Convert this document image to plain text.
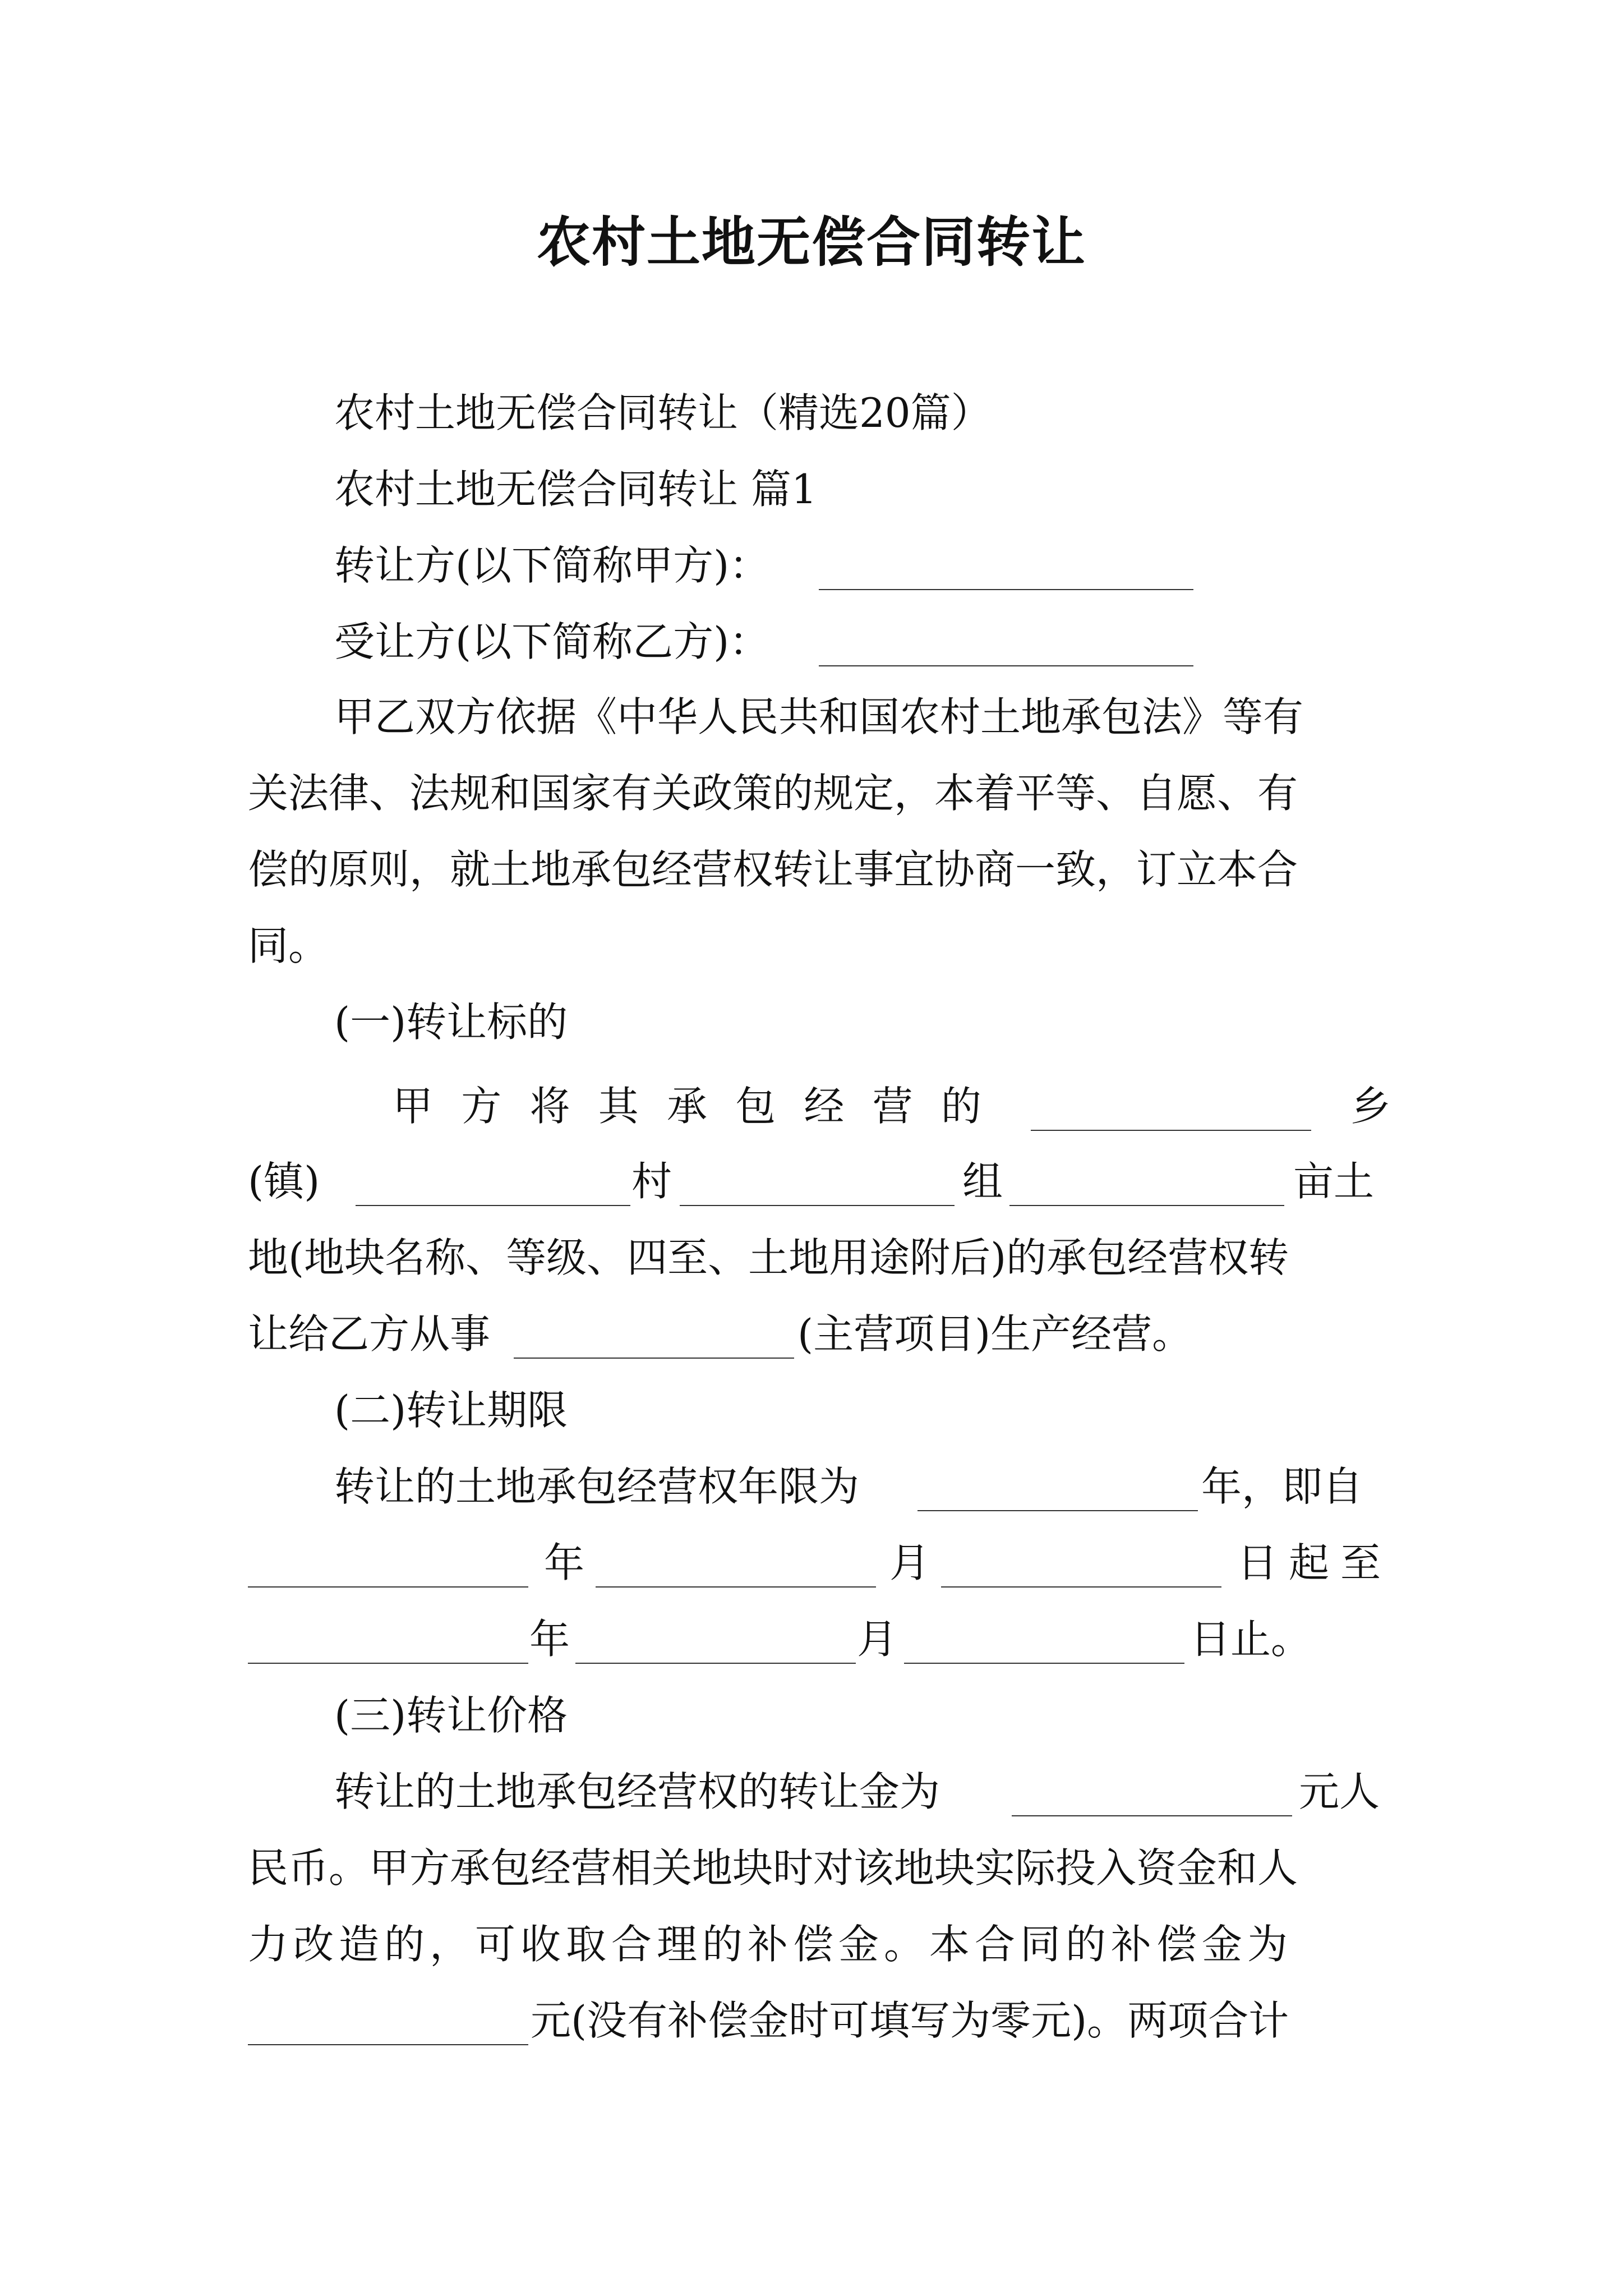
农村土地无偿合同转让
农村土地无偿合同转让（精选20篇）
农村土地无偿合同转让 篇1
转让方(以下简称甲方)：
受让方(以下简称乙方)：
甲乙双方依据《中华人民共和国农村土地承包法》等有
关法律、法规和国家有关政策的规定，本着平等、自愿、有
偿的原则，就土地承包经营权转让事宜协商一致，订立本合
同。
(一)转让标的
甲 方 将 其 承 包 经 营 的	乡
(镇)	村	组	亩土
地(地块名称、等级、四至、土地用途附后)的承包经营权转
让给乙方从事	(主营项目)生产经营。
(二)转让期限
转让的土地承包经营权年限为	年，即自
年	月	日起至
年	月	日止。
(三)转让价格
转让的土地承包经营权的转让金为	元人
民币。甲方承包经营相关地块时对该地块实际投入资金和人
力改造的，可收取合理的补偿金。本合同的补偿金为
元(没有补偿金时可填写为零元)。两项合计
